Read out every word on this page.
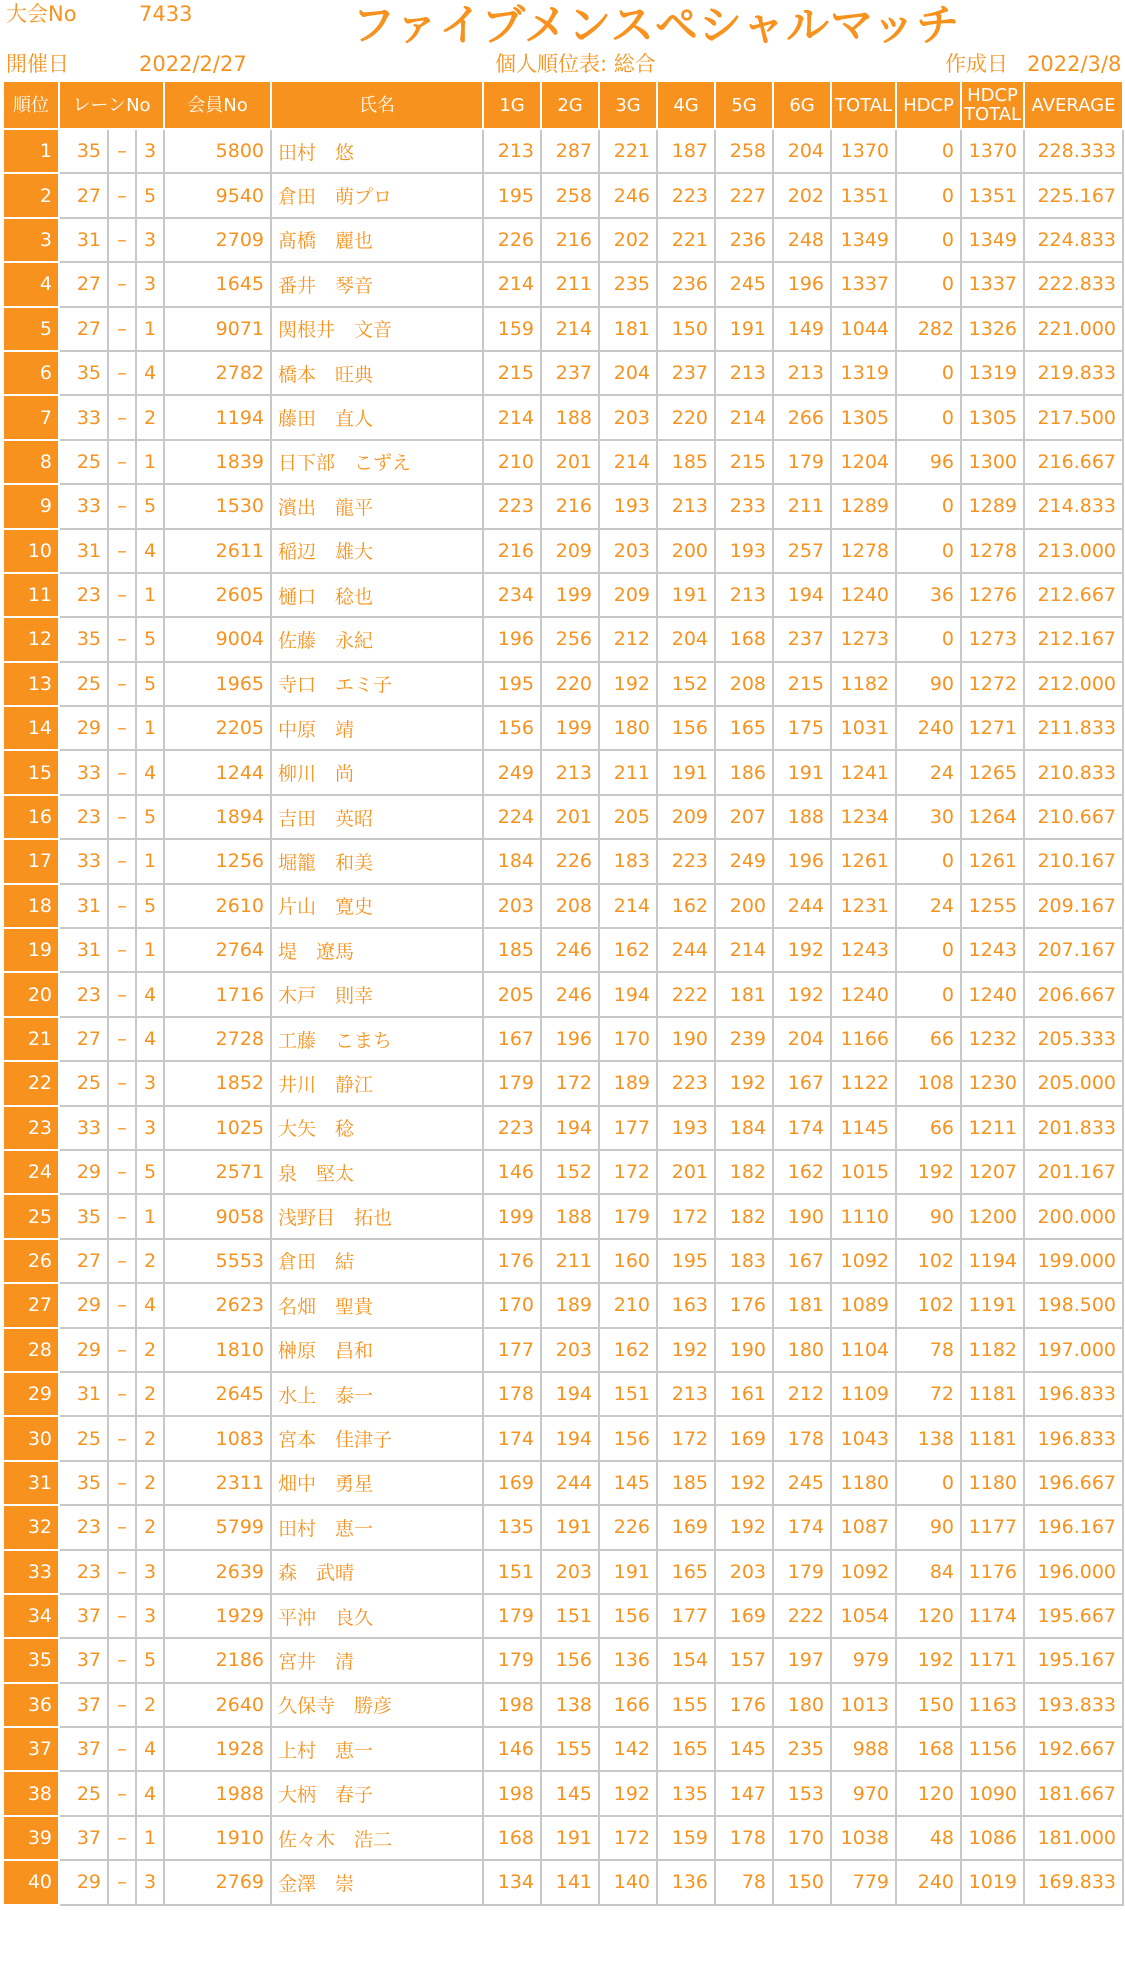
大会No	7433
開催日	2022/2/27
ファイブメンスペシャルマッチ
個人順位表: 総合	作成日 2022/3/8
順位	レーンNo			会員No	氏名	1G	2G	3G	4G	5G	6G	TOTAL	HDCP	HDCP TOTAL	AVERAGE
1	35	–	3	5800	田村　悠	213	287	221	187	258	204	1370	0	1370	228.333
2	27	–	5	9540	倉田　萌プロ	195	258	246	223	227	202	1351	0	1351	225.167
3	31	–	3	2709	髙橋　麗也	226	216	202	221	236	248	1349	0	1349	224.833
4	27	–	3	1645	番井　琴音	214	211	235	236	245	196	1337	0	1337	222.833
5	27	–	1	9071	関根井　文音	159	214	181	150	191	149	1044	282	1326	221.000
6	35	–	4	2782	橋本　旺典	215	237	204	237	213	213	1319	0	1319	219.833
7	33	–	2	1194	藤田　直人	214	188	203	220	214	266	1305	0	1305	217.500
8	25	–	1	1839	日下部　こずえ	210	201	214	185	215	179	1204	96	1300	216.667
9	33	–	5	1530	濱出　龍平	223	216	193	213	233	211	1289	0	1289	214.833
10	31	–	4	2611	稲辺　雄大	216	209	203	200	193	257	1278	0	1278	213.000
11	23	–	1	2605	樋口　稔也	234	199	209	191	213	194	1240	36	1276	212.667
12	35	–	5	9004	佐藤　永紀	196	256	212	204	168	237	1273	0	1273	212.167
13	25	–	5	1965	寺口　エミ子	195	220	192	152	208	215	1182	90	1272	212.000
14	29	–	1	2205	中原　靖	156	199	180	156	165	175	1031	240	1271	211.833
15	33	–	4	1244	柳川　尚	249	213	211	191	186	191	1241	24	1265	210.833
16	23	–	5	1894	吉田　英昭	224	201	205	209	207	188	1234	30	1264	210.667
17	33	–	1	1256	堀籠　和美	184	226	183	223	249	196	1261	0	1261	210.167
18	31	–	5	2610	片山　寛史	203	208	214	162	200	244	1231	24	1255	209.167
19	31	–	1	2764	堤　遼馬	185	246	162	244	214	192	1243	0	1243	207.167
20	23	–	4	1716	木戸　則幸	205	246	194	222	181	192	1240	0	1240	206.667
21	27	–	4	2728	工藤　こまち	167	196	170	190	239	204	1166	66	1232	205.333
22	25	–	3	1852	井川　静江	179	172	189	223	192	167	1122	108	1230	205.000
23	33	–	3	1025	大矢　稔	223	194	177	193	184	174	1145	66	1211	201.833
24	29	–	5	2571	泉　堅太	146	152	172	201	182	162	1015	192	1207	201.167
25	35	–	1	9058	浅野目　拓也	199	188	179	172	182	190	1110	90	1200	200.000
26	27	–	2	5553	倉田　結	176	211	160	195	183	167	1092	102	1194	199.000
27	29	–	4	2623	名畑　聖貴	170	189	210	163	176	181	1089	102	1191	198.500
28	29	–	2	1810	榊原　昌和	177	203	162	192	190	180	1104	78	1182	197.000
29	31	–	2	2645	水上　泰一	178	194	151	213	161	212	1109	72	1181	196.833
30	25	–	2	1083	宮本　佳津子	174	194	156	172	169	178	1043	138	1181	196.833
31	35	–	2	2311	畑中　勇星	169	244	145	185	192	245	1180	0	1180	196.667
32	23	–	2	5799	田村　恵一	135	191	226	169	192	174	1087	90	1177	196.167
33	23	–	3	2639	森　武晴	151	203	191	165	203	179	1092	84	1176	196.000
34	37	–	3	1929	平沖　良久	179	151	156	177	169	222	1054	120	1174	195.667
35	37	–	5	2186	宮井　清	179	156	136	154	157	197	979	192	1171	195.167
36	37	–	2	2640	久保寺　勝彦	198	138	166	155	176	180	1013	150	1163	193.833
37	37	–	4	1928	上村　恵一	146	155	142	165	145	235	988	168	1156	192.667
38	25	–	4	1988	大柄　春子	198	145	192	135	147	153	970	120	1090	181.667
39	37	–	1	1910	佐々木　浩二	168	191	172	159	178	170	1038	48	1086	181.000
40	29	–	3	2769	金澤　崇	134	141	140	136	78	150	779	240	1019	169.833
